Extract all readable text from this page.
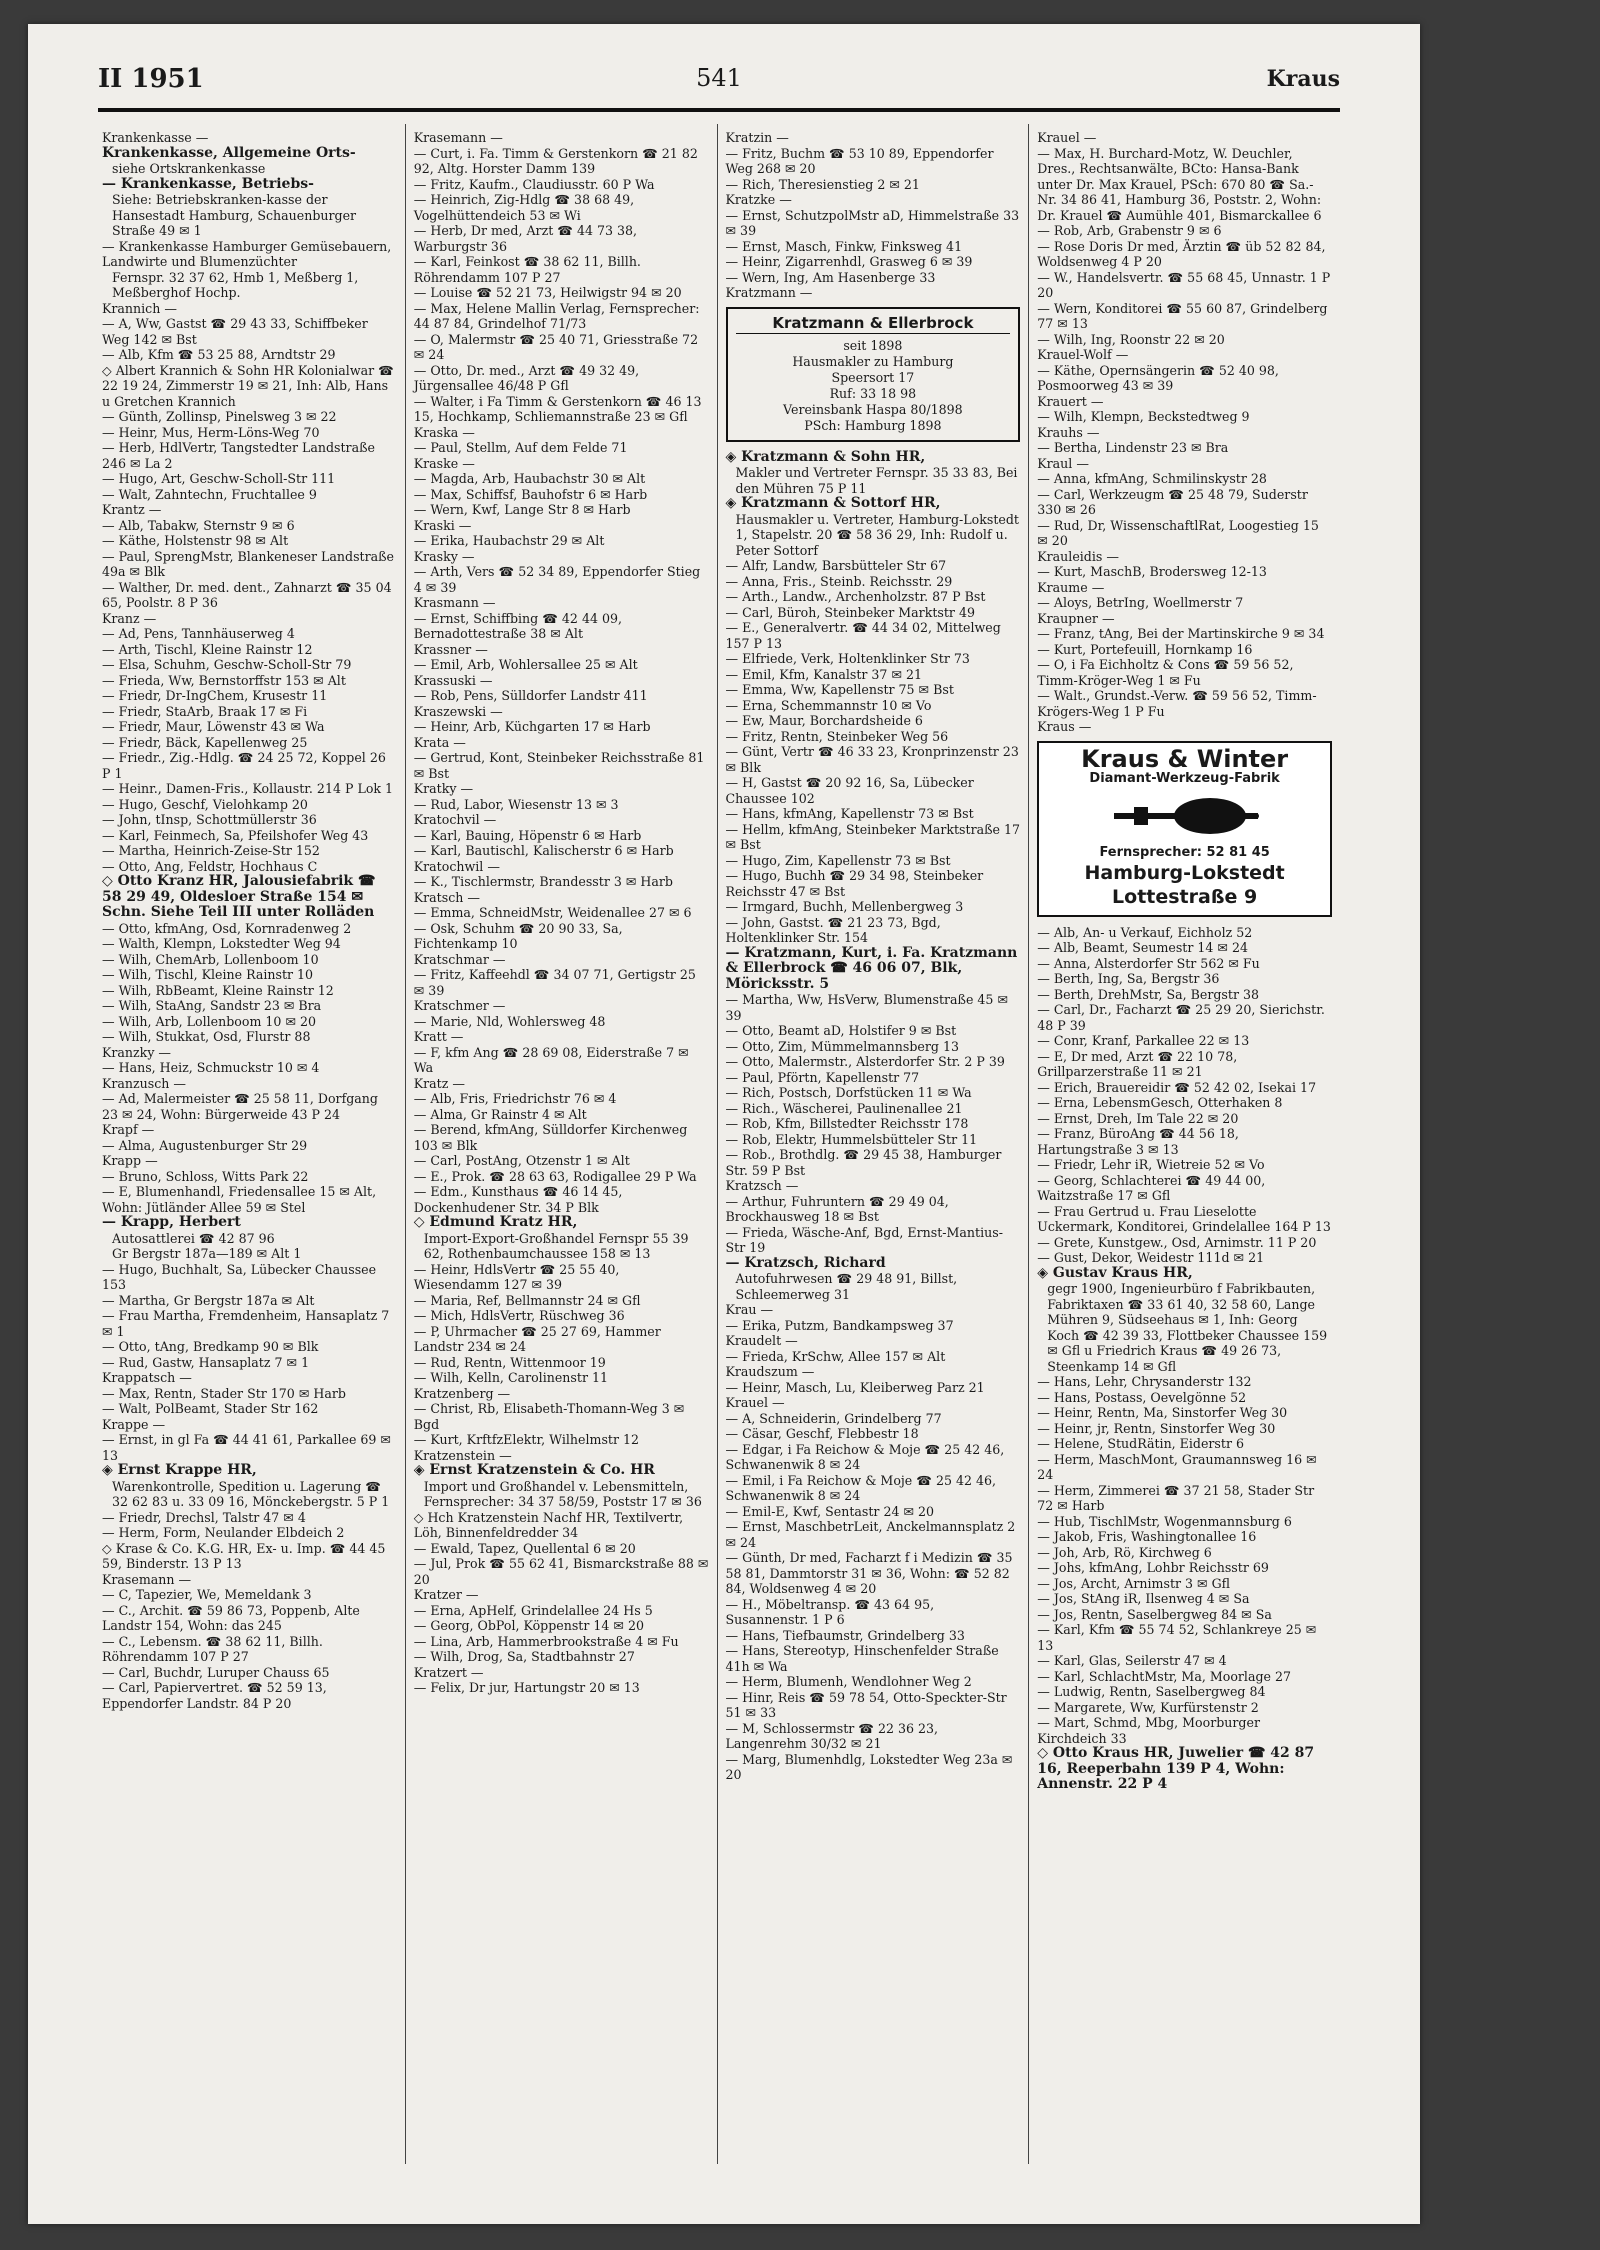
II 1951	541	Kraus
Krankenkasse —
Krankenkasse, Allgemeine Orts-
siehe Ortskrankenkasse
— Krankenkasse, Betriebs-
Siehe: Betriebskranken-kasse der Hansestadt Hamburg, Schauenburger Straße 49 ✉ 1
— Krankenkasse Hamburger Gemüsebauern, Landwirte und Blumenzüchter
Fernspr. 32 37 62, Hmb 1, Meßberg 1, Meßberghof Hochp.
Krannich —
— A, Ww, Gastst ☎ 29 43 33, Schiffbeker Weg 142 ✉ Bst
— Alb, Kfm ☎ 53 25 88, Arndtstr 29
◇ Albert Krannich & Sohn HR Kolonialwar ☎ 22 19 24, Zimmerstr 19 ✉ 21, Inh: Alb, Hans u Gretchen Krannich
— Günth, Zollinsp, Pinelsweg 3 ✉ 22
— Heinr, Mus, Herm-Löns-Weg 70
— Herb, HdlVertr, Tangstedter Landstraße 246 ✉ La 2
— Hugo, Art, Geschw-Scholl-Str 111
— Walt, Zahntechn, Fruchtallee 9
Krantz —
— Alb, Tabakw, Sternstr 9 ✉ 6
— Käthe, Holstenstr 98 ✉ Alt
— Paul, SprengMstr, Blankeneser Landstraße 49a ✉ Blk
— Walther, Dr. med. dent., Zahnarzt ☎ 35 04 65, Poolstr. 8 P 36
Kranz —
— Ad, Pens, Tannhäuserweg 4
— Arth, Tischl, Kleine Rainstr 12
— Elsa, Schuhm, Geschw-Scholl-Str 79
— Frieda, Ww, Bernstorffstr 153 ✉ Alt
— Friedr, Dr-IngChem, Krusestr 11
— Friedr, StaArb, Braak 17 ✉ Fi
— Friedr, Maur, Löwenstr 43 ✉ Wa
— Friedr, Bäck, Kapellenweg 25
— Friedr., Zig.-Hdlg. ☎ 24 25 72, Koppel 26 P 1
— Heinr., Damen-Fris., Kollaustr. 214 P Lok 1
— Hugo, Geschf, Vielohkamp 20
— John, tInsp, Schottmüllerstr 36
— Karl, Feinmech, Sa, Pfeilshofer Weg 43
— Martha, Heinrich-Zeise-Str 152
— Otto, Ang, Feldstr, Hochhaus C
◇ Otto Kranz HR, Jalousiefabrik ☎ 58 29 49, Oldesloer Straße 154 ✉ Schn. Siehe Teil III unter Rolläden
— Otto, kfmAng, Osd, Kornradenweg 2
— Walth, Klempn, Lokstedter Weg 94
— Wilh, ChemArb, Lollenboom 10
— Wilh, Tischl, Kleine Rainstr 10
— Wilh, RbBeamt, Kleine Rainstr 12
— Wilh, StaAng, Sandstr 23 ✉ Bra
— Wilh, Arb, Lollenboom 10 ✉ 20
— Wilh, Stukkat, Osd, Flurstr 88
Kranzky —
— Hans, Heiz, Schmuckstr 10 ✉ 4
Kranzusch —
— Ad, Malermeister ☎ 25 58 11, Dorfgang 23 ✉ 24, Wohn: Bürgerweide 43 P 24
Krapf —
— Alma, Augustenburger Str 29
Krapp —
— Bruno, Schloss, Witts Park 22
— E, Blumenhandl, Friedensallee 15 ✉ Alt, Wohn: Jütländer Allee 59 ✉ Stel
— Krapp, Herbert
Autosattlerei ☎ 42 87 96
Gr Bergstr 187a—189 ✉ Alt 1
— Hugo, Buchhalt, Sa, Lübecker Chaussee 153
— Martha, Gr Bergstr 187a ✉ Alt
— Frau Martha, Fremdenheim, Hansaplatz 7 ✉ 1
— Otto, tAng, Bredkamp 90 ✉ Blk
— Rud, Gastw, Hansaplatz 7 ✉ 1
Krappatsch —
— Max, Rentn, Stader Str 170 ✉ Harb
— Walt, PolBeamt, Stader Str 162
Krappe —
— Ernst, in gl Fa ☎ 44 41 61, Parkallee 69 ✉ 13
◈ Ernst Krappe HR,
Warenkontrolle, Spedition u. Lagerung ☎ 32 62 83 u. 33 09 16, Mönckebergstr. 5 P 1
— Friedr, Drechsl, Talstr 47 ✉ 4
— Herm, Form, Neulander Elbdeich 2
◇ Krase & Co. K.G. HR, Ex- u. Imp. ☎ 44 45 59, Binderstr. 13 P 13
Krasemann —
— C, Tapezier, We, Memeldank 3
— C., Archit. ☎ 59 86 73, Poppenb, Alte Landstr 154, Wohn: das 245
— C., Lebensm. ☎ 38 62 11, Billh. Röhrendamm 107 P 27
— Carl, Buchdr, Luruper Chauss 65
— Carl, Papiervertret. ☎ 52 59 13, Eppendorfer Landstr. 84 P 20
Krasemann —
— Curt, i. Fa. Timm & Gerstenkorn ☎ 21 82 92, Altg. Horster Damm 139
— Fritz, Kaufm., Claudiusstr. 60 P Wa
— Heinrich, Zig-Hdlg ☎ 38 68 49, Vogelhüttendeich 53 ✉ Wi
— Herb, Dr med, Arzt ☎ 44 73 38, Warburgstr 36
— Karl, Feinkost ☎ 38 62 11, Billh. Röhrendamm 107 P 27
— Louise ☎ 52 21 73, Heilwigstr 94 ✉ 20
— Max, Helene Mallin Verlag, Fernsprecher: 44 87 84, Grindelhof 71/73
— O, Malermstr ☎ 25 40 71, Griesstraße 72 ✉ 24
— Otto, Dr. med., Arzt ☎ 49 32 49, Jürgensallee 46/48 P Gfl
— Walter, i Fa Timm & Gerstenkorn ☎ 46 13 15, Hochkamp, Schliemannstraße 23 ✉ Gfl
Kraska —
— Paul, Stellm, Auf dem Felde 71
Kraske —
— Magda, Arb, Haubachstr 30 ✉ Alt
— Max, Schiffsf, Bauhofstr 6 ✉ Harb
— Wern, Kwf, Lange Str 8 ✉ Harb
Kraski —
— Erika, Haubachstr 29 ✉ Alt
Krasky —
— Arth, Vers ☎ 52 34 89, Eppendorfer Stieg 4 ✉ 39
Krasmann —
— Ernst, Schiffbing ☎ 42 44 09, Bernadottestraße 38 ✉ Alt
Krassner —
— Emil, Arb, Wohlersallee 25 ✉ Alt
Krassuski —
— Rob, Pens, Sülldorfer Landstr 411
Kraszewski —
— Heinr, Arb, Küchgarten 17 ✉ Harb
Krata —
— Gertrud, Kont, Steinbeker Reichsstraße 81 ✉ Bst
Kratky —
— Rud, Labor, Wiesenstr 13 ✉ 3
Kratochvil —
— Karl, Bauing, Höpenstr 6 ✉ Harb
— Karl, Bautischl, Kalischerstr 6 ✉ Harb
Kratochwil —
— K., Tischlermstr, Brandesstr 3 ✉ Harb
Kratsch —
— Emma, SchneidMstr, Weidenallee 27 ✉ 6
— Osk, Schuhm ☎ 20 90 33, Sa, Fichtenkamp 10
Kratschmar —
— Fritz, Kaffeehdl ☎ 34 07 71, Gertigstr 25 ✉ 39
Kratschmer —
— Marie, Nld, Wohlersweg 48
Kratt —
— F, kfm Ang ☎ 28 69 08, Eiderstraße 7 ✉ Wa
Kratz —
— Alb, Fris, Friedrichstr 76 ✉ 4
— Alma, Gr Rainstr 4 ✉ Alt
— Berend, kfmAng, Sülldorfer Kirchenweg 103 ✉ Blk
— Carl, PostAng, Otzenstr 1 ✉ Alt
— E., Prok. ☎ 28 63 63, Rodigallee 29 P Wa
— Edm., Kunsthaus ☎ 46 14 45, Dockenhudener Str. 34 P Blk
◇ Edmund Kratz HR,
Import-Export-Großhandel Fernspr 55 39 62, Rothenbaumchaussee 158 ✉ 13
— Heinr, HdlsVertr ☎ 25 55 40, Wiesendamm 127 ✉ 39
— Maria, Ref, Bellmannstr 24 ✉ Gfl
— Mich, HdlsVertr, Rüschweg 36
— P, Uhrmacher ☎ 25 27 69, Hammer Landstr 234 ✉ 24
— Rud, Rentn, Wittenmoor 19
— Wilh, Kelln, Carolinenstr 11
Kratzenberg —
— Christ, Rb, Elisabeth-Thomann-Weg 3 ✉ Bgd
— Kurt, KrftfzElektr, Wilhelmstr 12
Kratzenstein —
◈ Ernst Kratzenstein & Co. HR
Import und Großhandel v. Lebensmitteln, Fernsprecher: 34 37 58/59, Poststr 17 ✉ 36
◇ Hch Kratzenstein Nachf HR, Textilvertr, Löh, Binnenfeldredder 34
— Ewald, Tapez, Quellental 6 ✉ 20
— Jul, Prok ☎ 55 62 41, Bismarckstraße 88 ✉ 20
Kratzer —
— Erna, ApHelf, Grindelallee 24 Hs 5
— Georg, ObPol, Köppenstr 14 ✉ 20
— Lina, Arb, Hammerbrookstraße 4 ✉ Fu
— Wilh, Drog, Sa, Stadtbahnstr 27
Kratzert —
— Felix, Dr jur, Hartungstr 20 ✉ 13
Kratzin —
— Fritz, Buchm ☎ 53 10 89, Eppendorfer Weg 268 ✉ 20
— Rich, Theresienstieg 2 ✉ 21
Kratzke —
— Ernst, SchutzpolMstr aD, Himmelstraße 33 ✉ 39
— Ernst, Masch, Finkw, Finksweg 41
— Heinr, Zigarrenhdl, Grasweg 6 ✉ 39
— Wern, Ing, Am Hasenberge 33
Kratzmann —
Kratzmann & Ellerbrock
seit 1898
Hausmakler zu Hamburg
Speersort 17
Ruf: 33 18 98
Vereinsbank Haspa 80/1898
PSch: Hamburg 1898
◈ Kratzmann & Sohn HR,
Makler und Vertreter Fernspr. 35 33 83, Bei den Mühren 75 P 11
◈ Kratzmann & Sottorf HR,
Hausmakler u. Vertreter, Hamburg-Lokstedt 1, Stapelstr. 20 ☎ 58 36 29, Inh: Rudolf u. Peter Sottorf
— Alfr, Landw, Barsbütteler Str 67
— Anna, Fris., Steinb. Reichsstr. 29
— Arth., Landw., Archenholzstr. 87 P Bst
— Carl, Büroh, Steinbeker Marktstr 49
— E., Generalvertr. ☎ 44 34 02, Mittelweg 157 P 13
— Elfriede, Verk, Holtenklinker Str 73
— Emil, Kfm, Kanalstr 37 ✉ 21
— Emma, Ww, Kapellenstr 75 ✉ Bst
— Erna, Schemmannstr 10 ✉ Vo
— Ew, Maur, Borchardsheide 6
— Fritz, Rentn, Steinbeker Weg 56
— Günt, Vertr ☎ 46 33 23, Kronprinzenstr 23 ✉ Blk
— H, Gastst ☎ 20 92 16, Sa, Lübecker Chaussee 102
— Hans, kfmAng, Kapellenstr 73 ✉ Bst
— Hellm, kfmAng, Steinbeker Marktstraße 17 ✉ Bst
— Hugo, Zim, Kapellenstr 73 ✉ Bst
— Hugo, Buchh ☎ 29 34 98, Steinbeker Reichsstr 47 ✉ Bst
— Irmgard, Buchh, Mellenbergweg 3
— John, Gastst. ☎ 21 23 73, Bgd, Holtenklinker Str. 154
— Kratzmann, Kurt, i. Fa. Kratzmann & Ellerbrock ☎ 46 06 07, Blk, Möricksstr. 5
— Martha, Ww, HsVerw, Blumenstraße 45 ✉ 39
— Otto, Beamt aD, Holstifer 9 ✉ Bst
— Otto, Zim, Mümmelmannsberg 13
— Otto, Malermstr., Alsterdorfer Str. 2 P 39
— Paul, Pförtn, Kapellenstr 77
— Rich, Postsch, Dorfstücken 11 ✉ Wa
— Rich., Wäscherei, Paulinenallee 21
— Rob, Kfm, Billstedter Reichsstr 178
— Rob, Elektr, Hummelsbütteler Str 11
— Rob., Brothdlg. ☎ 29 45 38, Hamburger Str. 59 P Bst
Kratzsch —
— Arthur, Fuhruntern ☎ 29 49 04, Brockhausweg 18 ✉ Bst
— Frieda, Wäsche-Anf, Bgd, Ernst-Mantius-Str 19
— Kratzsch, Richard
Autofuhrwesen ☎ 29 48 91, Billst, Schleemerweg 31
Krau —
— Erika, Putzm, Bandkampsweg 37
Kraudelt —
— Frieda, KrSchw, Allee 157 ✉ Alt
Kraudszum —
— Heinr, Masch, Lu, Kleiberweg Parz 21
Krauel —
— A, Schneiderin, Grindelberg 77
— Cäsar, Geschf, Flebbestr 18
— Edgar, i Fa Reichow & Moje ☎ 25 42 46, Schwanenwik 8 ✉ 24
— Emil, i Fa Reichow & Moje ☎ 25 42 46, Schwanenwik 8 ✉ 24
— Emil-E, Kwf, Sentastr 24 ✉ 20
— Ernst, MaschbetrLeit, Anckelmannsplatz 2 ✉ 24
— Günth, Dr med, Facharzt f i Medizin ☎ 35 58 81, Dammtorstr 31 ✉ 36, Wohn: ☎ 52 82 84, Woldsenweg 4 ✉ 20
— H., Möbeltransp. ☎ 43 64 95, Susannenstr. 1 P 6
— Hans, Tiefbaumstr, Grindelberg 33
— Hans, Stereotyp, Hinschenfelder Straße 41h ✉ Wa
— Herm, Blumenh, Wendlohner Weg 2
— Hinr, Reis ☎ 59 78 54, Otto-Speckter-Str 51 ✉ 33
— M, Schlossermstr ☎ 22 36 23, Langenrehm 30/32 ✉ 21
— Marg, Blumenhdlg, Lokstedter Weg 23a ✉ 20
Krauel —
— Max, H. Burchard-Motz, W. Deuchler, Dres., Rechtsanwälte, BCto: Hansa-Bank unter Dr. Max Krauel, PSch: 670 80 ☎ Sa.-Nr. 34 86 41, Hamburg 36, Poststr. 2, Wohn: Dr. Krauel ☎ Aumühle 401, Bismarckallee 6
— Rob, Arb, Grabenstr 9 ✉ 6
— Rose Doris Dr med, Ärztin ☎ üb 52 82 84, Woldsenweg 4 P 20
— W., Handelsvertr. ☎ 55 68 45, Unnastr. 1 P 20
— Wern, Konditorei ☎ 55 60 87, Grindelberg 77 ✉ 13
— Wilh, Ing, Roonstr 22 ✉ 20
Krauel-Wolf —
— Käthe, Opernsängerin ☎ 52 40 98, Posmoorweg 43 ✉ 39
Krauert —
— Wilh, Klempn, Beckstedtweg 9
Krauhs —
— Bertha, Lindenstr 23 ✉ Bra
Kraul —
— Anna, kfmAng, Schmilinskystr 28
— Carl, Werkzeugm ☎ 25 48 79, Suderstr 330 ✉ 26
— Rud, Dr, WissenschaftlRat, Loogestieg 15 ✉ 20
Krauleidis —
— Kurt, MaschB, Brodersweg 12-13
Kraume —
— Aloys, BetrIng, Woellmerstr 7
Kraupner —
— Franz, tAng, Bei der Martinskirche 9 ✉ 34
— Kurt, Portefeuill, Hornkamp 16
— O, i Fa Eichholtz & Cons ☎ 59 56 52, Timm-Kröger-Weg 1 ✉ Fu
— Walt., Grundst.-Verw. ☎ 59 56 52, Timm-Krögers-Weg 1 P Fu
Kraus —
Kraus & Winter
Diamant-Werkzeug-Fabrik
Fernsprecher: 52 81 45
Hamburg-Lokstedt
Lottestraße 9
— Alb, An- u Verkauf, Eichholz 52
— Alb, Beamt, Seumestr 14 ✉ 24
— Anna, Alsterdorfer Str 562 ✉ Fu
— Berth, Ing, Sa, Bergstr 36
— Berth, DrehMstr, Sa, Bergstr 38
— Carl, Dr., Facharzt ☎ 25 29 20, Sierichstr. 48 P 39
— Conr, Kranf, Parkallee 22 ✉ 13
— E, Dr med, Arzt ☎ 22 10 78, Grillparzerstraße 11 ✉ 21
— Erich, Brauereidir ☎ 52 42 02, Isekai 17
— Erna, LebensmGesch, Otterhaken 8
— Ernst, Dreh, Im Tale 22 ✉ 20
— Franz, BüroAng ☎ 44 56 18, Hartungstraße 3 ✉ 13
— Friedr, Lehr iR, Wietreie 52 ✉ Vo
— Georg, Schlachterei ☎ 49 44 00, Waitzstraße 17 ✉ Gfl
— Frau Gertrud u. Frau Lieselotte Uckermark, Konditorei, Grindelallee 164 P 13
— Grete, Kunstgew., Osd, Arnimstr. 11 P 20
— Gust, Dekor, Weidestr 111d ✉ 21
◈ Gustav Kraus HR,
gegr 1900, Ingenieurbüro f Fabrikbauten, Fabriktaxen ☎ 33 61 40, 32 58 60, Lange Mühren 9, Südseehaus ✉ 1, Inh: Georg Koch ☎ 42 39 33, Flottbeker Chaussee 159 ✉ Gfl u Friedrich Kraus ☎ 49 26 73, Steenkamp 14 ✉ Gfl
— Hans, Lehr, Chrysanderstr 132
— Hans, Postass, Oevelgönne 52
— Heinr, Rentn, Ma, Sinstorfer Weg 30
— Heinr, jr, Rentn, Sinstorfer Weg 30
— Helene, StudRätin, Eiderstr 6
— Herm, MaschMont, Graumannsweg 16 ✉ 24
— Herm, Zimmerei ☎ 37 21 58, Stader Str 72 ✉ Harb
— Hub, TischlMstr, Wogenmannsburg 6
— Jakob, Fris, Washingtonallee 16
— Joh, Arb, Rö, Kirchweg 6
— Johs, kfmAng, Lohbr Reichsstr 69
— Jos, Archt, Arnimstr 3 ✉ Gfl
— Jos, StAng iR, Ilsenweg 4 ✉ Sa
— Jos, Rentn, Saselbergweg 84 ✉ Sa
— Karl, Kfm ☎ 55 74 52, Schlankreye 25 ✉ 13
— Karl, Glas, Seilerstr 47 ✉ 4
— Karl, SchlachtMstr, Ma, Moorlage 27
— Ludwig, Rentn, Saselbergweg 84
— Margarete, Ww, Kurfürstenstr 2
— Mart, Schmd, Mbg, Moorburger Kirchdeich 33
◇ Otto Kraus HR, Juwelier ☎ 42 87 16, Reeperbahn 139 P 4, Wohn: Annenstr. 22 P 4
